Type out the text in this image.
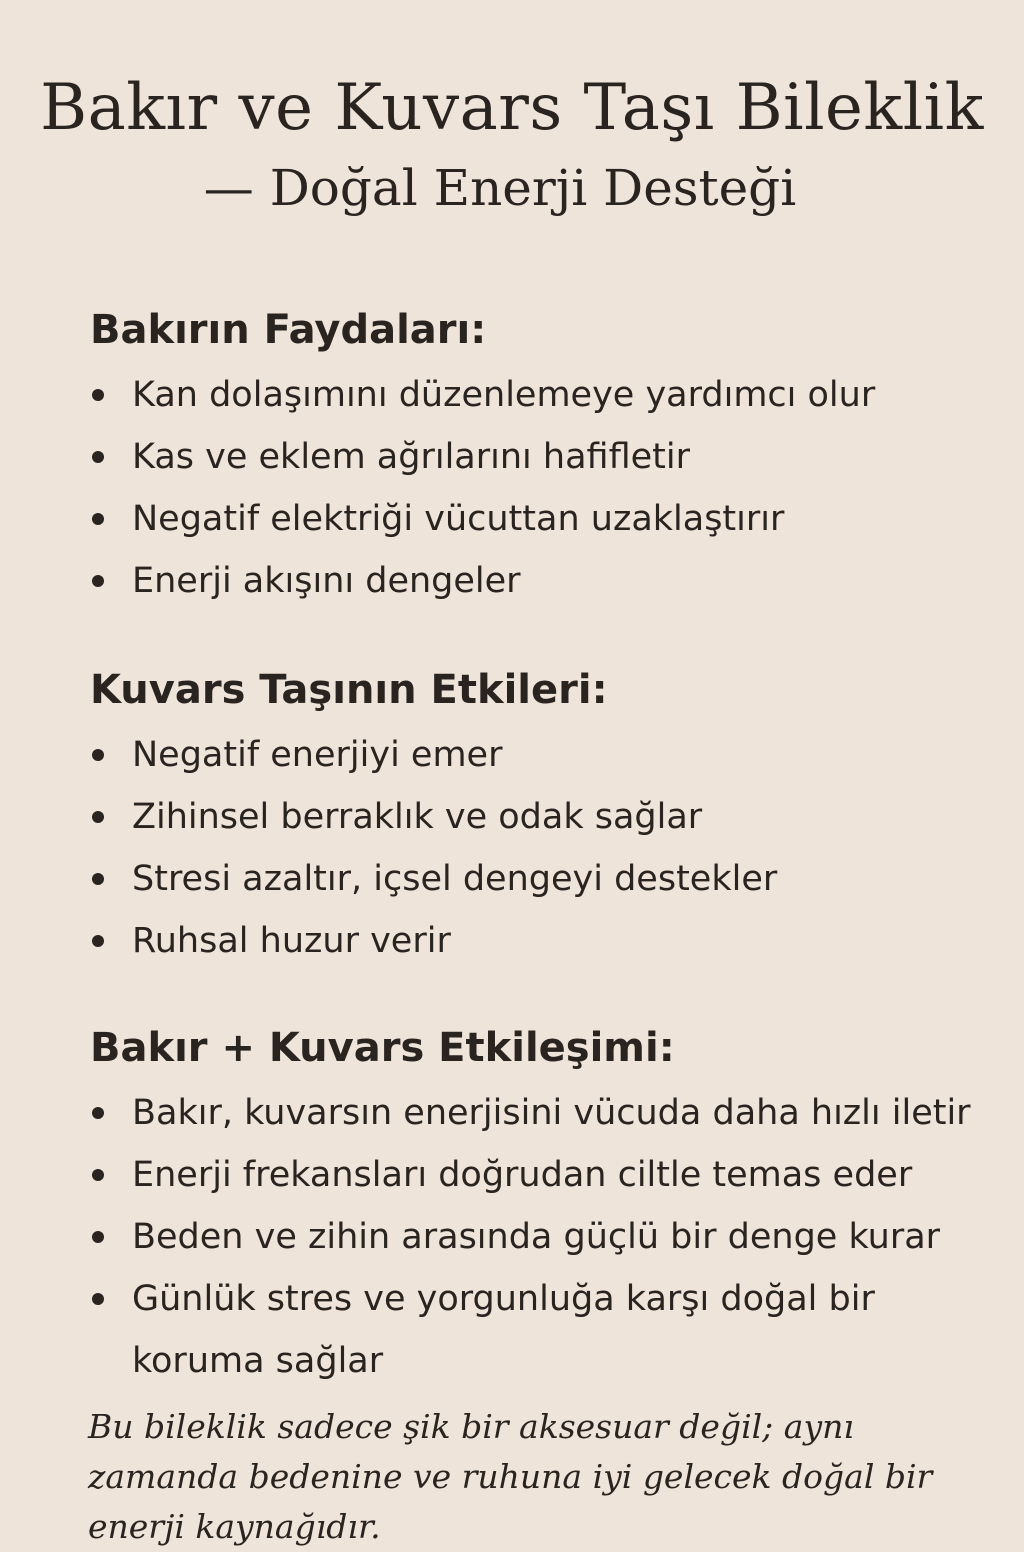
Bakır ve Kuvars Taşı Bileklik
— Doğal Enerji Desteği
Bakırın Faydaları:
Kan dolaşımını düzenlemeye yardımcı olur
Kas ve eklem ağrılarını hafifletir
Negatif elektriği vücuttan uzaklaştırır
Enerji akışını dengeler
Kuvars Taşının Etkileri:
Negatif enerjiyi emer
Zihinsel berraklık ve odak sağlar
Stresi azaltır, içsel dengeyi destekler
Ruhsal huzur verir
Bakır + Kuvars Etkileşimi:
Bakır, kuvarsın enerjisini vücuda daha hızlı iletir
Enerji frekansları doğrudan ciltle temas eder
Beden ve zihin arasında güçlü bir denge kurar
Günlük stres ve yorgunluğa karşı doğal bir koruma sağlar

Bu bileklik sadece şik bir aksesuar değil; aynı zamanda bedenine ve ruhuna iyi gelecek doğal bir enerji kaynağıdır.
